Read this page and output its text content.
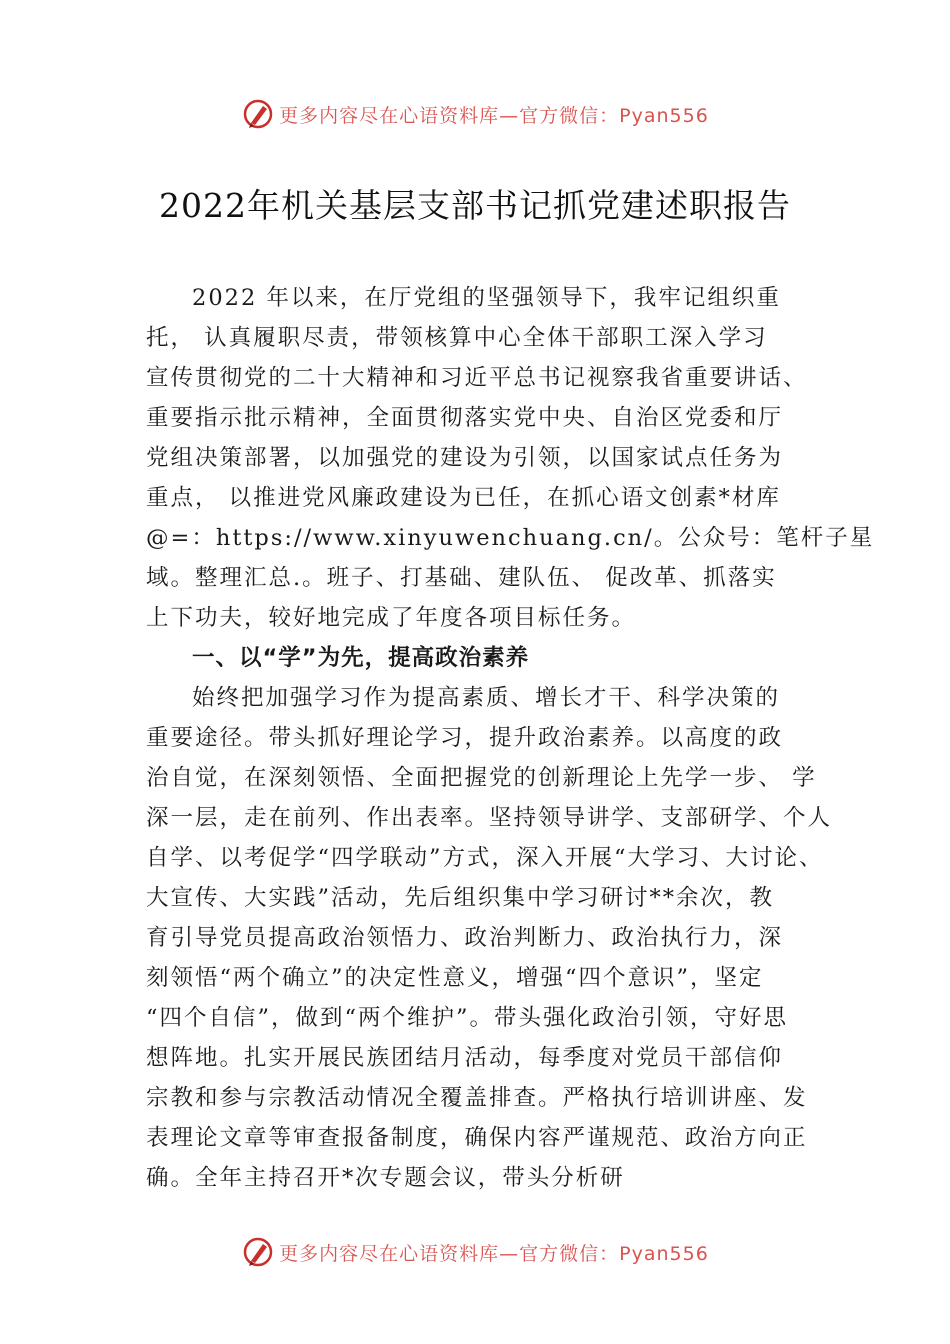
更多内容尽在心语资料库—官方微信：Pyan556
2022年机关基层支部书记抓党建述职报告
2022 年以来，在厅党组的坚强领导下，我牢记组织重
托， 认真履职尽责，带领核算中心全体干部职工深入学习
宣传贯彻党的二十大精神和习近平总书记视察我省重要讲话、
重要指示批示精神，全面贯彻落实党中央、自治区党委和厅
党组决策部署，以加强党的建设为引领，以国家试点任务为
重点， 以推进党风廉政建设为已任，在抓心语文创素*材库
@=：https://www.xinyuwenchuang.cn/。公众号：笔杆子星
域。整理汇总.。班子、打基础、建队伍、 促改革、抓落实
上下功夫，较好地完成了年度各项目标任务。
一、以“学”为先，提高政治素养
始终把加强学习作为提高素质、增长才干、科学决策的
重要途径。带头抓好理论学习，提升政治素养。以高度的政
治自觉，在深刻领悟、全面把握党的创新理论上先学一步、 学
深一层，走在前列、作出表率。坚持领导讲学、支部研学、个人
自学、以考促学“四学联动”方式，深入开展“大学习、大讨论、
大宣传、大实践”活动，先后组织集中学习研讨**余次，教
育引导党员提高政治领悟力、政治判断力、政治执行力，深
刻领悟“两个确立”的决定性意义，增强“四个意识”，坚定
“四个自信”，做到“两个维护”。带头强化政治引领，守好思
想阵地。扎实开展民族团结月活动，每季度对党员干部信仰
宗教和参与宗教活动情况全覆盖排查。严格执行培训讲座、发
表理论文章等审查报备制度，确保内容严谨规范、政治方向正
确。全年主持召开*次专题会议，带头分析研
更多内容尽在心语资料库—官方微信：Pyan556
